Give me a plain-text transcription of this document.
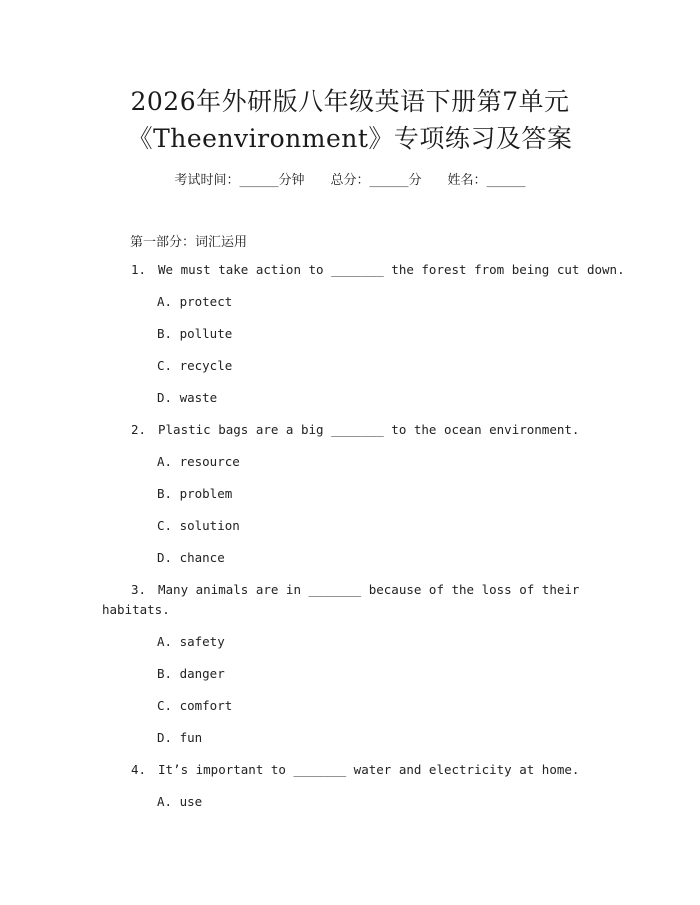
2026年外研版八年级英语下册第7单元
《Theenvironment》专项练习及答案
考试时间：______分钟 总分：______分 姓名：______
第一部分：词汇运用
1. We must take action to _______ the forest from being cut down.
A. protect
B. pollute
C. recycle
D. waste
2. Plastic bags are a big _______ to the ocean environment.
A. resource
B. problem
C. solution
D. chance
3. Many animals are in _______ because of the loss of their
habitats.
A. safety
B. danger
C. comfort
D. fun
4. It’s important to _______ water and electricity at home.
A. use
